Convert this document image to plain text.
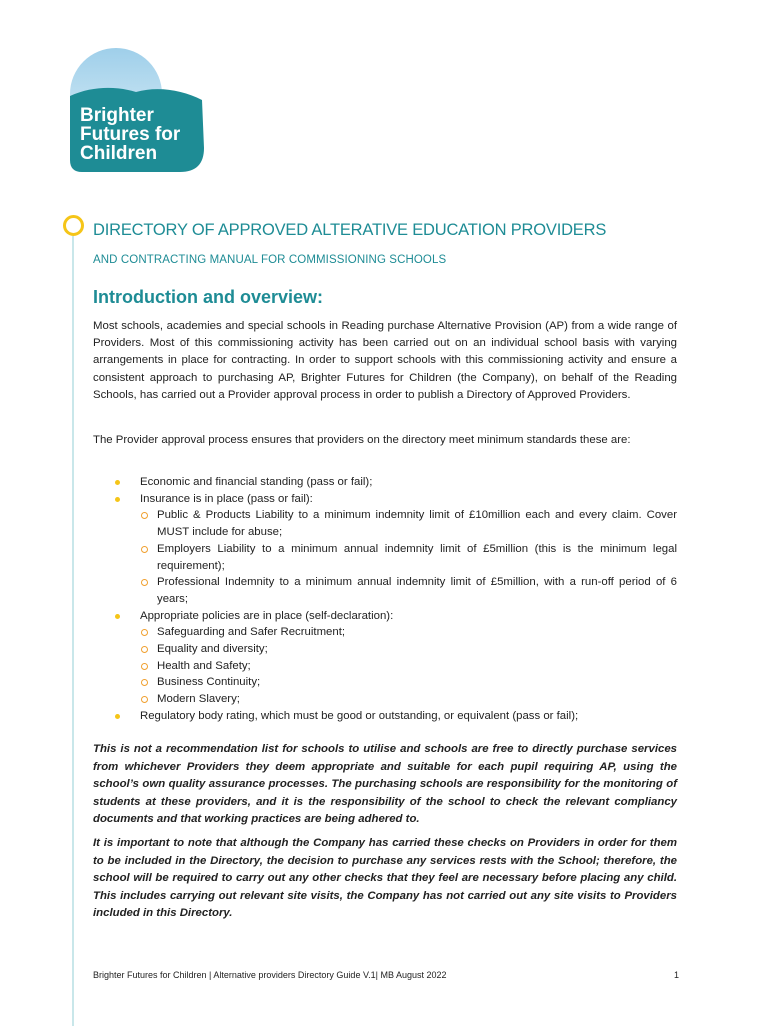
Brighter
Futures for
Children
DIRECTORY OF APPROVED ALTERATIVE EDUCATION PROVIDERS
AND CONTRACTING MANUAL FOR COMMISSIONING SCHOOLS
Introduction and overview:
Most schools, academies and special schools in Reading purchase Alternative Provision (AP) from a wide range of Providers. Most of this commissioning activity has been carried out on an individual school basis with varying arrangements in place for contracting. In order to support schools with this commissioning activity and ensure a consistent approach to purchasing AP, Brighter Futures for Children (the Company), on behalf of the Reading Schools, has carried out a Provider approval process in order to publish a Directory of Approved Providers.
The Provider approval process ensures that providers on the directory meet minimum standards these are:
Economic and financial standing (pass or fail);
Insurance is in place (pass or fail):
Public & Products Liability to a minimum indemnity limit of £10million each and every claim. Cover MUST include for abuse;
Employers Liability to a minimum annual indemnity limit of £5million (this is the minimum legal requirement);
Professional Indemnity to a minimum annual indemnity limit of £5million, with a run-off period of 6 years;
Appropriate policies are in place (self-declaration):
Safeguarding and Safer Recruitment;
Equality and diversity;
Health and Safety;
Business Continuity;
Modern Slavery;
Regulatory body rating, which must be good or outstanding, or equivalent (pass or fail);
This is not a recommendation list for schools to utilise and schools are free to directly purchase services from whichever Providers they deem appropriate and suitable for each pupil requiring AP, using the school’s own quality assurance processes. The purchasing schools are responsibility for the monitoring of students at these providers, and it is the responsibility of the school to check the relevant compliancy documents and that working practices are being adhered to.
It is important to note that although the Company has carried these checks on Providers in order for them to be included in the Directory, the decision to purchase any services rests with the School; therefore, the school will be required to carry out any other checks that they feel are necessary before placing any child. This includes carrying out relevant site visits, the Company has not carried out any site visits to Providers included in this Directory.
Brighter Futures for Children | Alternative providers Directory Guide V.1| MB August 2022	1
